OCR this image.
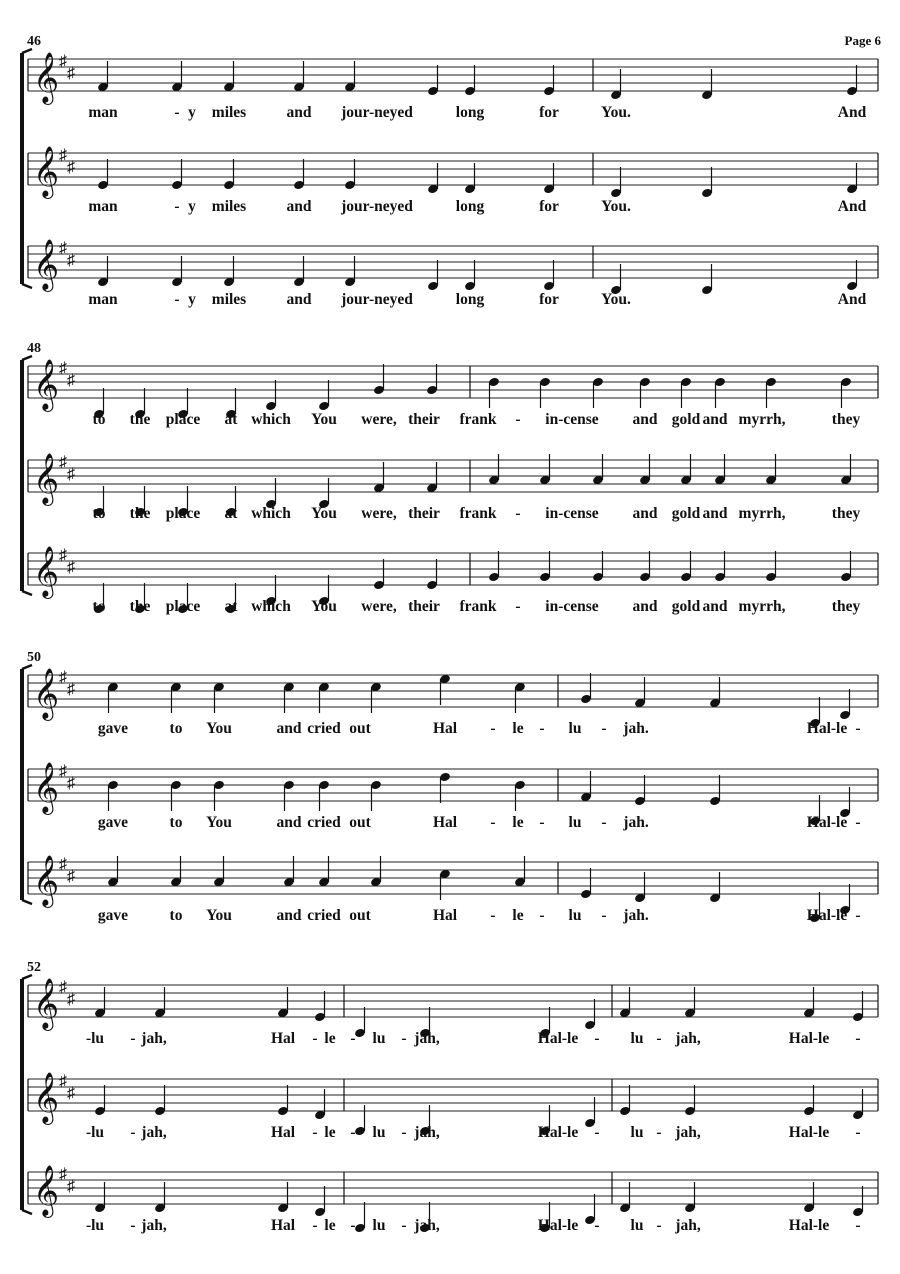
Page 6
46
𝄞 ♯
♯
man	- y miles	and jour-neyed	long	for	You.	And
𝄞 ♯
♯
man	- y miles	and jour-neyed	long	for	You.	And
𝄞 ♯
♯
man	- y miles	and jour-neyed	long	for	You.	And
48
𝄞 ♯
♯
to the place at which You were, their frank - in-cense and gold and myrrh,	they
𝄞 ♯
♯
to the place at which You were, their frank - in-cense and gold and myrrh,	they
𝄞 ♯
♯
to the place at which You were, their frank - in-cense and gold and myrrh,	they
50
𝄞 ♯
♯
gave	to You	and cried out	Hal - le - lu - jah.	Hal-le -
𝄞 ♯
♯
gave	to You	and cried out	Hal - le - lu - jah.	Hal-le -
𝄞 ♯
♯
gave	to You	and cried out	Hal - le - lu - jah.	Hal-le -
52
𝄞 ♯
♯
-lu - jah,	Hal - le - lu - jah,	Hal-le - lu - jah,	Hal-le -
𝄞 ♯
♯
-lu - jah,	Hal - le - lu - jah,	Hal-le - lu - jah,	Hal-le -
𝄞 ♯
♯
-lu - jah,	Hal - le - lu - jah,	Hal-le - lu - jah,	Hal-le -
